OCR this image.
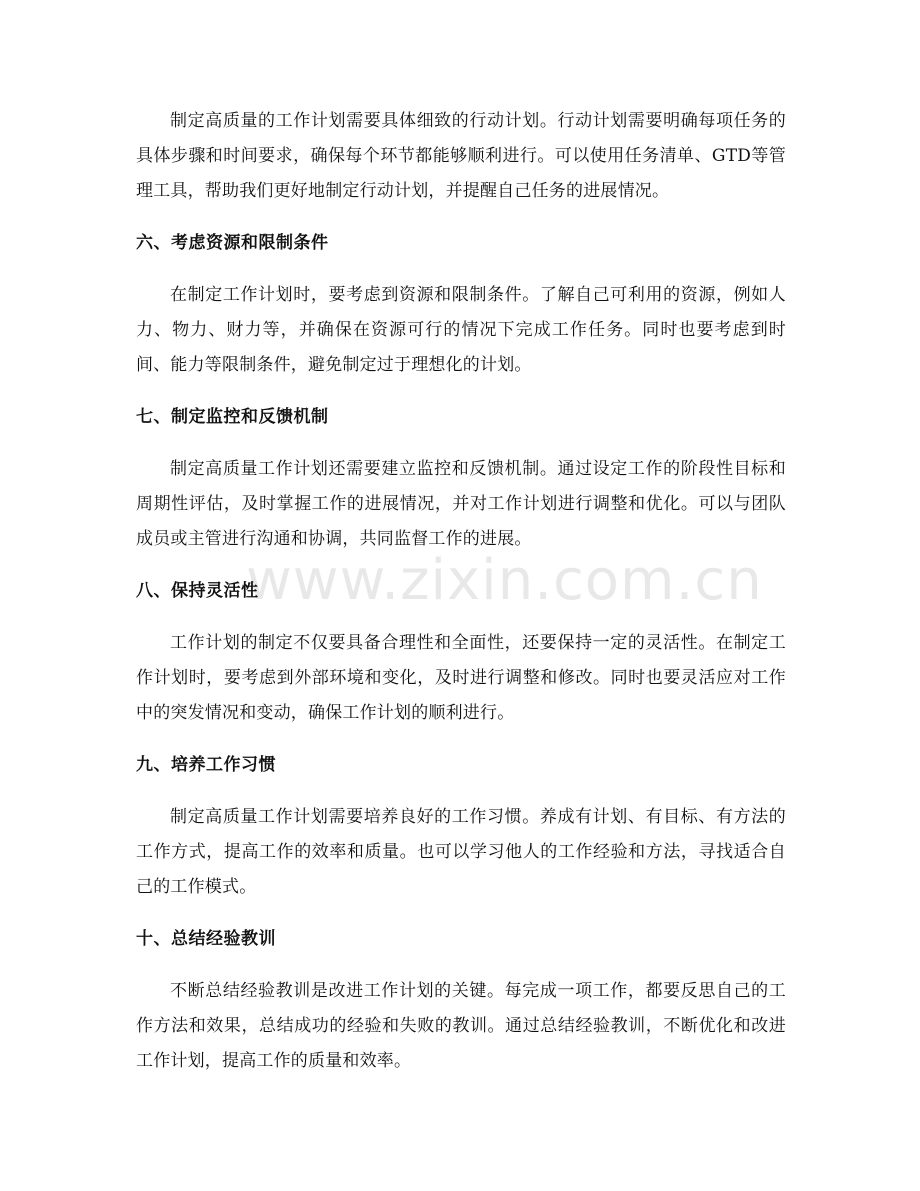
制定高质量的工作计划需要具体细致的行动计划。行动计划需要明确每项任务的具体步骤和时间要求，确保每个环节都能够顺利进行。可以使用任务清单、GTD等管理工具，帮助我们更好地制定行动计划，并提醒自己任务的进展情况。

六、考虑资源和限制条件

在制定工作计划时，要考虑到资源和限制条件。了解自己可利用的资源，例如人力、物力、财力等，并确保在资源可行的情况下完成工作任务。同时也要考虑到时间、能力等限制条件，避免制定过于理想化的计划。

七、制定监控和反馈机制

制定高质量工作计划还需要建立监控和反馈机制。通过设定工作的阶段性目标和周期性评估，及时掌握工作的进展情况，并对工作计划进行调整和优化。可以与团队成员或主管进行沟通和协调，共同监督工作的进展。

八、保持灵活性

工作计划的制定不仅要具备合理性和全面性，还要保持一定的灵活性。在制定工作计划时，要考虑到外部环境和变化，及时进行调整和修改。同时也要灵活应对工作中的突发情况和变动，确保工作计划的顺利进行。

九、培养工作习惯

制定高质量工作计划需要培养良好的工作习惯。养成有计划、有目标、有方法的工作方式，提高工作的效率和质量。也可以学习他人的工作经验和方法，寻找适合自己的工作模式。

十、总结经验教训

不断总结经验教训是改进工作计划的关键。每完成一项工作，都要反思自己的工作方法和效果，总结成功的经验和失败的教训。通过总结经验教训，不断优化和改进工作计划，提高工作的质量和效率。

www.zixin.com.cn
